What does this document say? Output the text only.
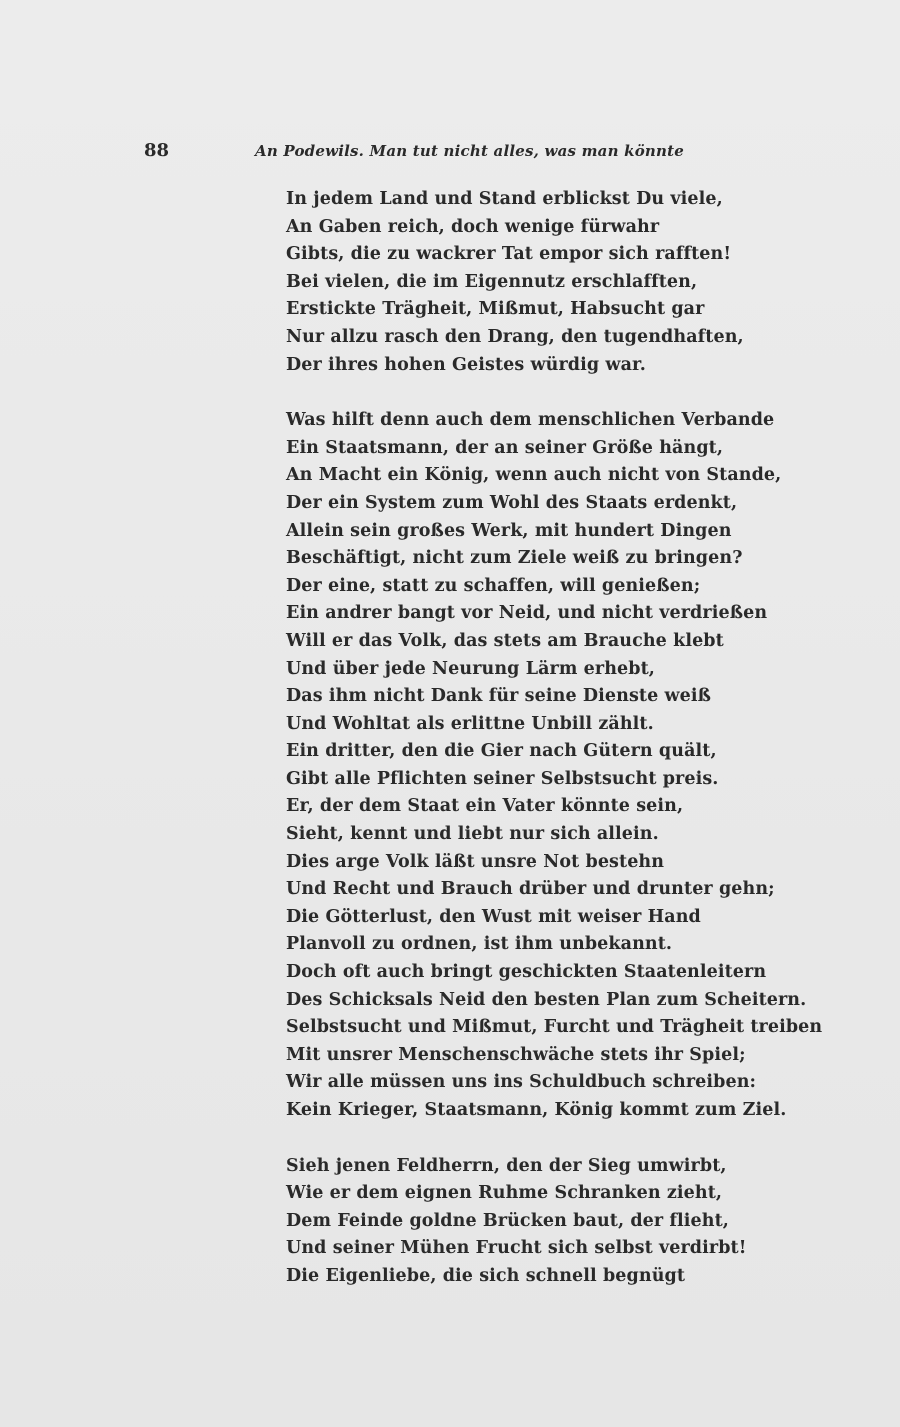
88	An Podewils. Man tut nicht alles, was man könnte
In jedem Land und Stand erblickst Du viele,
An Gaben reich, doch wenige fürwahr
Gibts, die zu wackrer Tat empor sich rafften!
Bei vielen, die im Eigennutz erschlafften,
Erstickte Trägheit, Mißmut, Habsucht gar
Nur allzu rasch den Drang, den tugendhaften,
Der ihres hohen Geistes würdig war.
Was hilft denn auch dem menschlichen Verbande
Ein Staatsmann, der an seiner Größe hängt,
An Macht ein König, wenn auch nicht von Stande,
Der ein System zum Wohl des Staats erdenkt,
Allein sein großes Werk, mit hundert Dingen
Beschäftigt, nicht zum Ziele weiß zu bringen?
Der eine, statt zu schaffen, will genießen;
Ein andrer bangt vor Neid, und nicht verdrießen
Will er das Volk, das stets am Brauche klebt
Und über jede Neurung Lärm erhebt,
Das ihm nicht Dank für seine Dienste weiß
Und Wohltat als erlittne Unbill zählt.
Ein dritter, den die Gier nach Gütern quält,
Gibt alle Pflichten seiner Selbstsucht preis.
Er, der dem Staat ein Vater könnte sein,
Sieht, kennt und liebt nur sich allein.
Dies arge Volk läßt unsre Not bestehn
Und Recht und Brauch drüber und drunter gehn;
Die Götterlust, den Wust mit weiser Hand
Planvoll zu ordnen, ist ihm unbekannt.
Doch oft auch bringt geschickten Staatenleitern
Des Schicksals Neid den besten Plan zum Scheitern.
Selbstsucht und Mißmut, Furcht und Trägheit treiben
Mit unsrer Menschenschwäche stets ihr Spiel;
Wir alle müssen uns ins Schuldbuch schreiben:
Kein Krieger, Staatsmann, König kommt zum Ziel.
Sieh jenen Feldherrn, den der Sieg umwirbt,
Wie er dem eignen Ruhme Schranken zieht,
Dem Feinde goldne Brücken baut, der flieht,
Und seiner Mühen Frucht sich selbst verdirbt!
Die Eigenliebe, die sich schnell begnügt
